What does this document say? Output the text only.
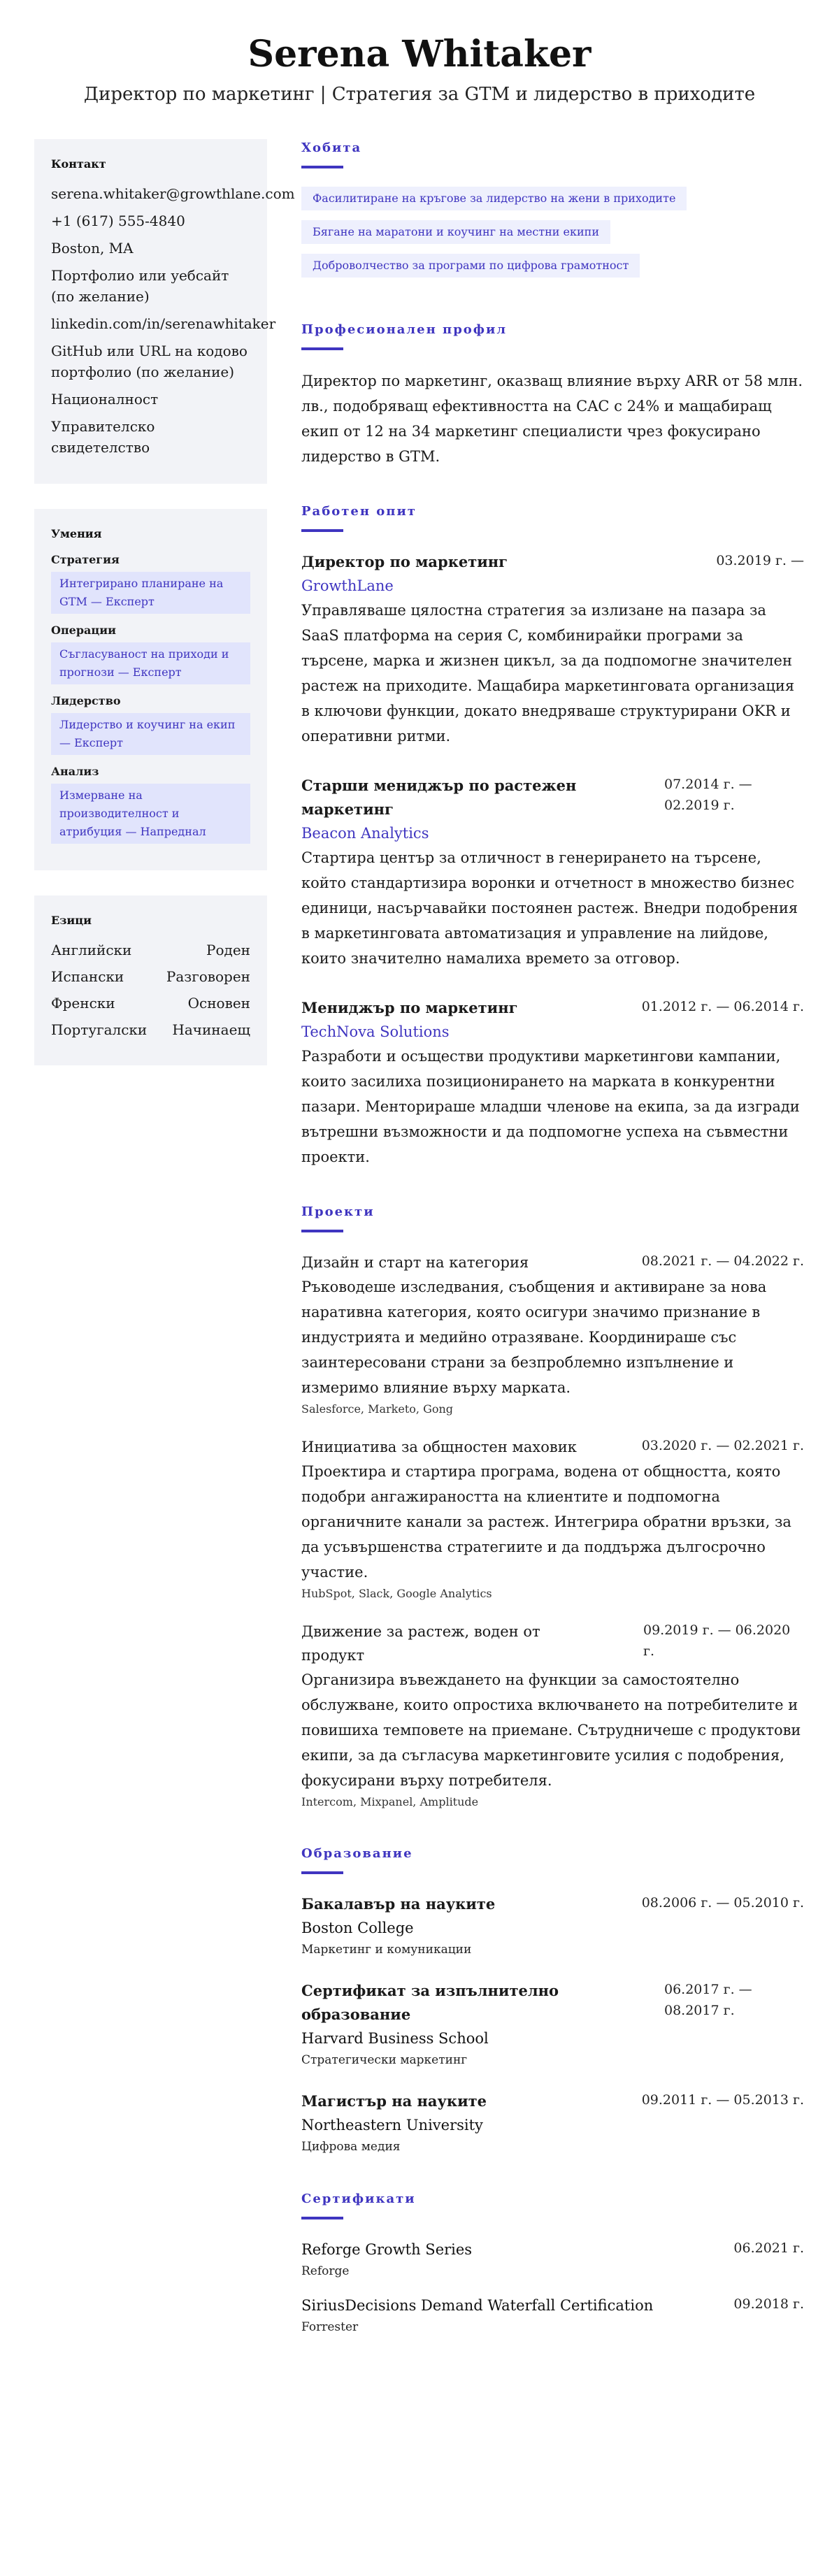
Serena Whitaker
Директор по маркетинг | Стратегия за GTM и лидерство в приходите
Контакт
serena.whitaker@growthlane.com
+1 (617) 555-4840
Boston, MA
Портфолио или уебсайт (по желание)
linkedin.com/in/serenawhitaker
GitHub или URL на кодово портфолио (по желание)
Националност
Управителско свидетелство
Умения
Стратегия
Интегрирано планиране на GTM — Експерт
Операции
Съгласуваност на приходи и прогнози — Експерт
Лидерство
Лидерство и коучинг на екип — Експерт
Анализ
Измерване на производителност и атрибуция — Напреднал
Езици
Английски	Роден
Испански	Разговорен
Френски	Основен
Португалски Начинаещ
Хобита
Фасилитиране на кръгове за лидерство на жени в приходите
Бягане на маратони и коучинг на местни екипи
Доброволчество за програми по цифрова грамотност
Професионален профил

Директор по маркетинг, оказващ влияние върху ARR от 58 млн. лв., подобряващ ефективността на CAC с 24% и мащабиращ екип от 12 на 34 маркетинг специалисти чрез фокусирано лидерство в GTM.

Работен опит
Директор по маркетинг	03.2019 г. —
GrowthLane

Управляваше цялостна стратегия за излизане на пазара за SaaS платформа на серия C, комбинирайки програми за търсене, марка и жизнен цикъл, за да подпомогне значителен растеж на приходите. Мащабира маркетинговата организация в ключови функции, докато внедряваше структурирани OKR и оперативни ритми.

Старши мениджър по растежен маркетинг
07.2014 г. — 02.2019 г.
Beacon Analytics

Стартира център за отличност в генерирането на търсене, който стандартизира воронки и отчетност в множество бизнес единици, насърчавайки постоянен растеж. Внедри подобрения в маркетинговата автоматизация и управление на лийдове, които значително намалиха времето за отговор.

Мениджър по маркетинг	01.2012 г. — 06.2014 г.
TechNova Solutions

Разработи и осъществи продуктиви маркетингови кампании, които засилиха позиционирането на марката в конкурентни пазари. Менторираше младши членове на екипа, за да изгради вътрешни възможности и да подпомогне успеха на съвместни проекти.

Проекти
Дизайн и старт на категория	08.2021 г. — 04.2022 г.

Ръководеше изследвания, съобщения и активиране за нова наративна категория, която осигури значимо признание в индустрията и медийно отразяване. Координираше със заинтересовани страни за безпроблемно изпълнение и измеримо влияние върху марката.

Salesforce, Marketo, Gong
Инициатива за общностен маховик	03.2020 г. — 02.2021 г.

Проектира и стартира програма, водена от общността, която подобри ангажираността на клиентите и подпомогна органичните канали за растеж. Интегрира обратни връзки, за да усъвършенства стратегиите и да поддържа дългосрочно участие.

HubSpot, Slack, Google Analytics
Движение за растеж, воден от продукт
09.2019 г. — 06.2020 г.

Организира въвеждането на функции за самостоятелно обслужване, които опростиха включването на потребителите и повишиха темповете на приемане. Сътрудничеше с продуктови екипи, за да съгласува маркетинговите усилия с подобрения, фокусирани върху потребителя.

Intercom, Mixpanel, Amplitude
Образование
Бакалавър на науките	08.2006 г. — 05.2010 г.
Boston College
Маркетинг и комуникации
Сертификат за изпълнително образование
06.2017 г. — 08.2017 г.
Harvard Business School
Стратегически маркетинг
Магистър на науките	09.2011 г. — 05.2013 г.
Northeastern University
Цифрова медия
Сертификати
Reforge Growth Series	06.2021 г.
Reforge
SiriusDecisions Demand Waterfall Certification	09.2018 г.
Forrester
